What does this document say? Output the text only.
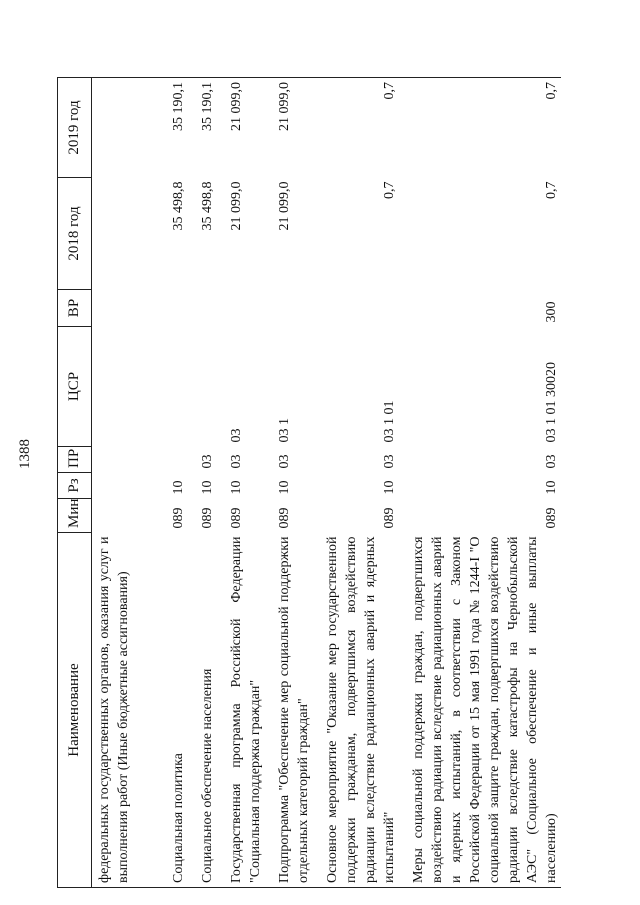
1388
Наименование	Мин	Рз	ПР	ЦСР	ВР	2018 год	2019 год
федеральных государственных органов, оказания услуг и выполнения работ (Иные бюджетные ассигнования)							
Социальная политика	089	10				35 498,8	35 190,1
Социальное обеспечение населения	089	10	03			35 498,8	35 190,1
Государственная программа Российской Федерации "Социальная поддержка граждан"	089	10	03	03		21 099,0	21 099,0
Подпрограмма "Обеспечение мер социальной поддержки отдельных категорий граждан"	089	10	03	03 1		21 099,0	21 099,0
Основное мероприятие "Оказание мер государственной поддержки гражданам, подвергшимся воздействию радиации вследствие радиационных аварий и ядерных испытаний"	089	10	03	03 1 01		0,7	0,7
Меры социальной поддержки граждан, подвергшихся воздействию радиации вследствие радиационных аварий и ядерных испытаний, в соответствии с Законом Российской Федерации от 15 мая 1991 года № 1244-I "О социальной защите граждан, подвергшихся воздействию радиации вследствие катастрофы на Чернобыльской АЭС" (Социальное обеспечение и иные выплаты населению)	089	10	03	03 1 01 30020	300	0,7	0,7
